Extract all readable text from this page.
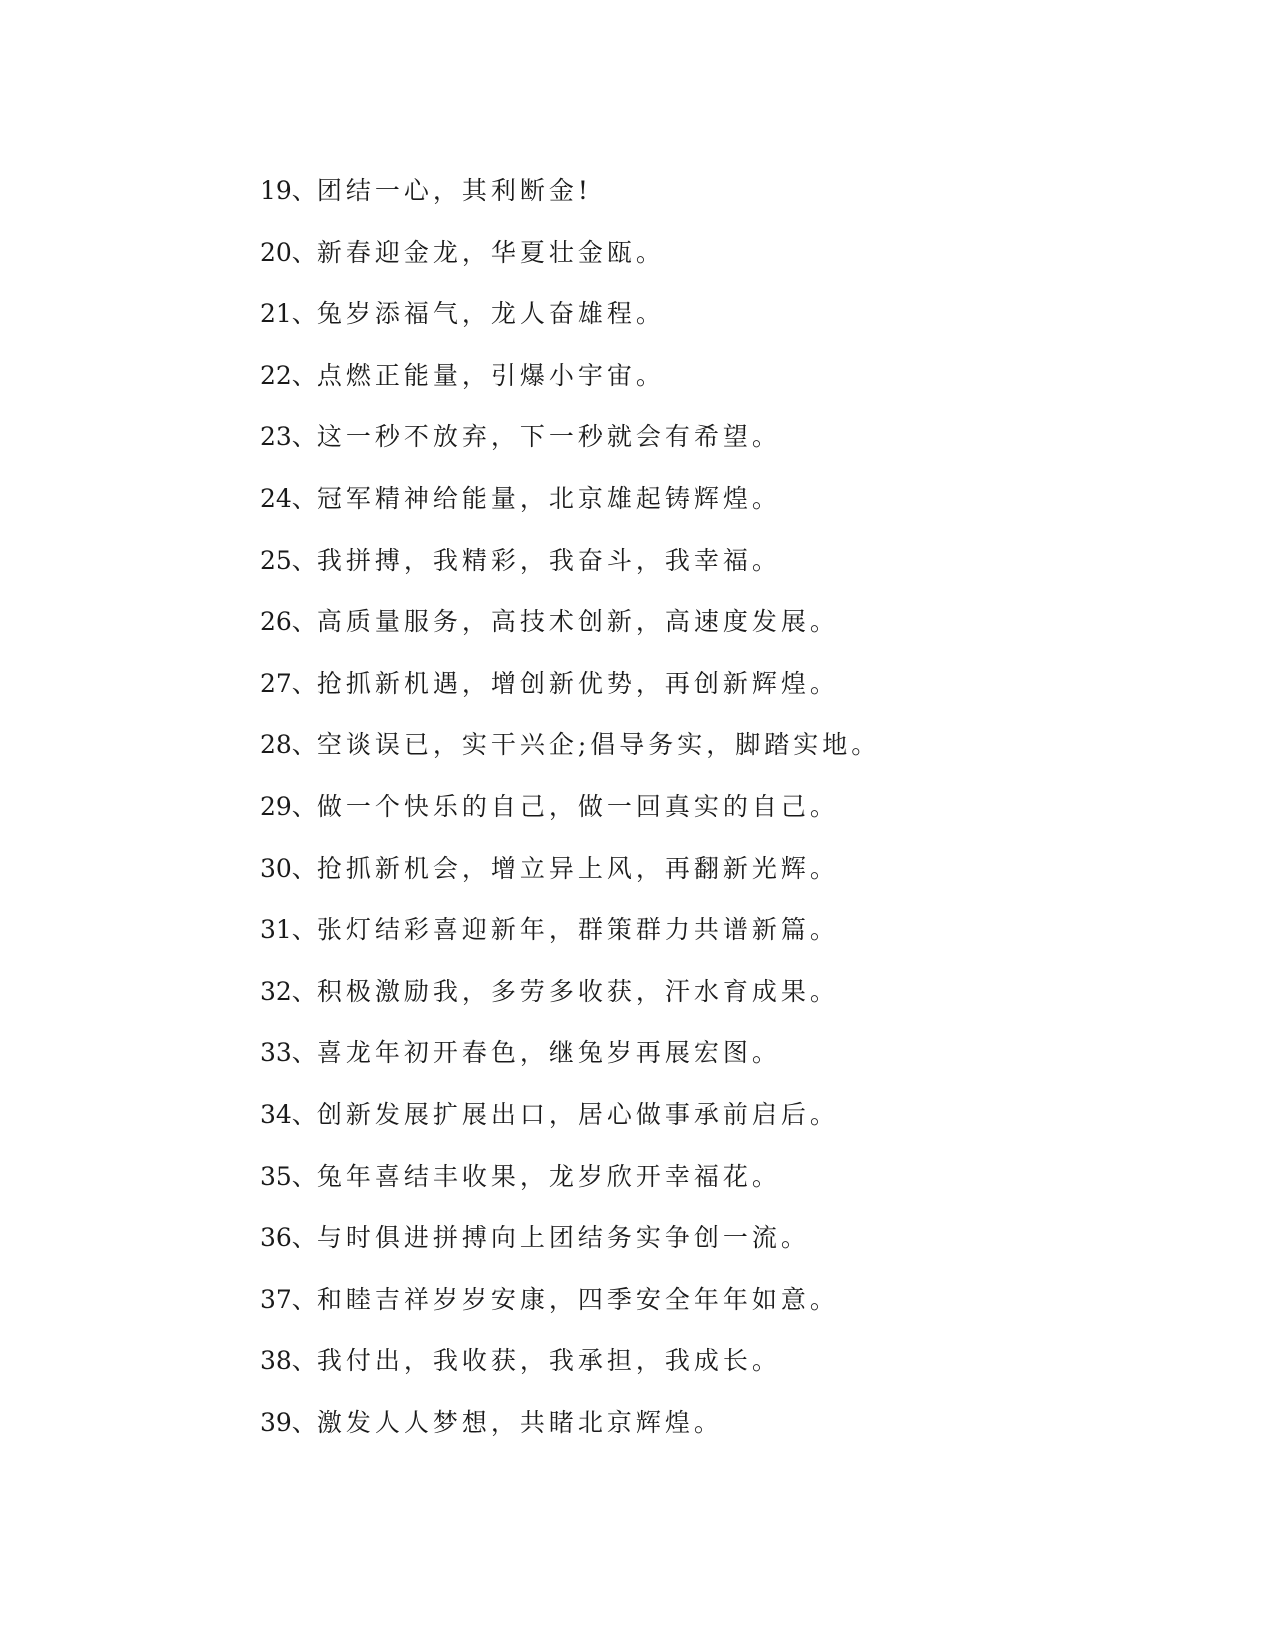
19、团结一心，其利断金!
20、新春迎金龙，华夏壮金瓯。
21、兔岁添福气，龙人奋雄程。
22、点燃正能量，引爆小宇宙。
23、这一秒不放弃，下一秒就会有希望。
24、冠军精神给能量，北京雄起铸辉煌。
25、我拼搏，我精彩，我奋斗，我幸福。
26、高质量服务，高技术创新，高速度发展。
27、抢抓新机遇，增创新优势，再创新辉煌。
28、空谈误已，实干兴企;倡导务实，脚踏实地。
29、做一个快乐的自己，做一回真实的自己。
30、抢抓新机会，增立异上风，再翻新光辉。
31、张灯结彩喜迎新年，群策群力共谱新篇。
32、积极激励我，多劳多收获，汗水育成果。
33、喜龙年初开春色，继兔岁再展宏图。
34、创新发展扩展出口，居心做事承前启后。
35、兔年喜结丰收果，龙岁欣开幸福花。
36、与时俱进拼搏向上团结务实争创一流。
37、和睦吉祥岁岁安康，四季安全年年如意。
38、我付出，我收获，我承担，我成长。
39、激发人人梦想，共睹北京辉煌。
